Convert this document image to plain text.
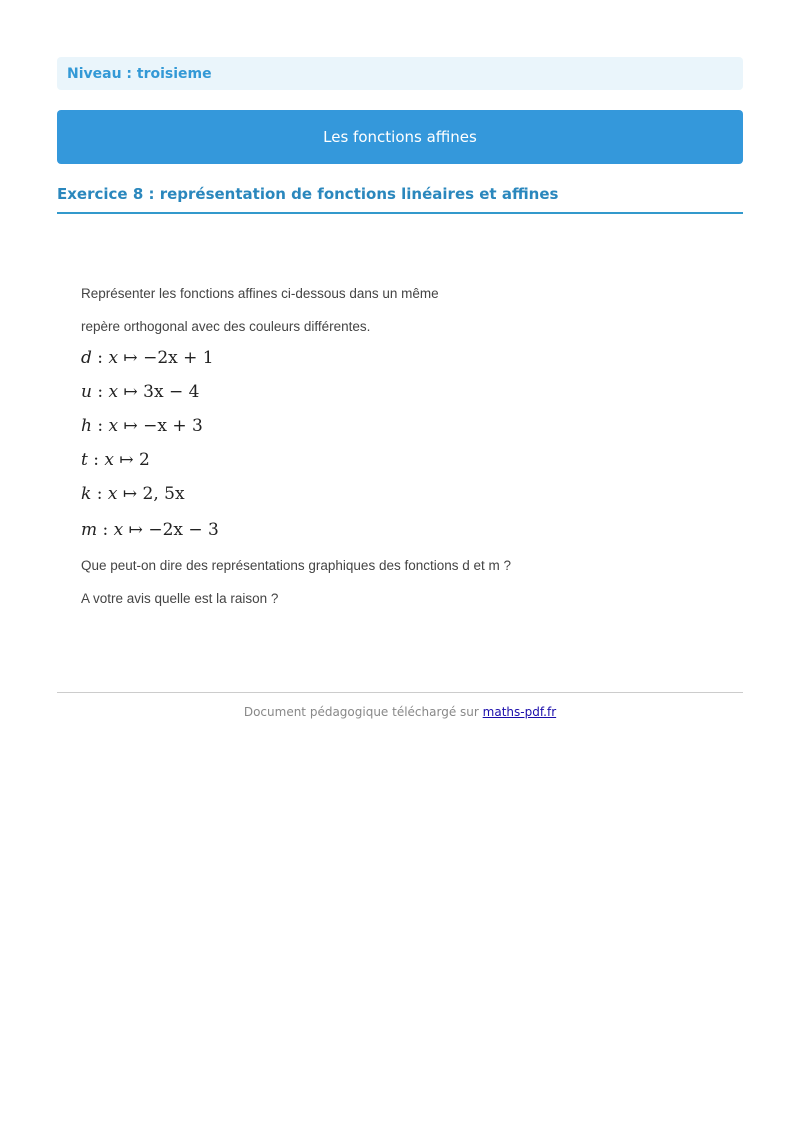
Niveau : troisieme
Les fonctions affines
Exercice 8 : représentation de fonctions linéaires et affines
Représenter les fonctions affines ci-dessous dans un même
repère orthogonal avec des couleurs différentes.
d : x ↦ −2x + 1
u : x ↦ 3x − 4
h : x ↦ −x + 3
t : x ↦ 2
k : x ↦ 2, 5x
m : x ↦ −2x − 3
Que peut-on dire des représentations graphiques des fonctions d et m ?
A votre avis quelle est la raison ?
Document pédagogique téléchargé sur maths-pdf.fr
